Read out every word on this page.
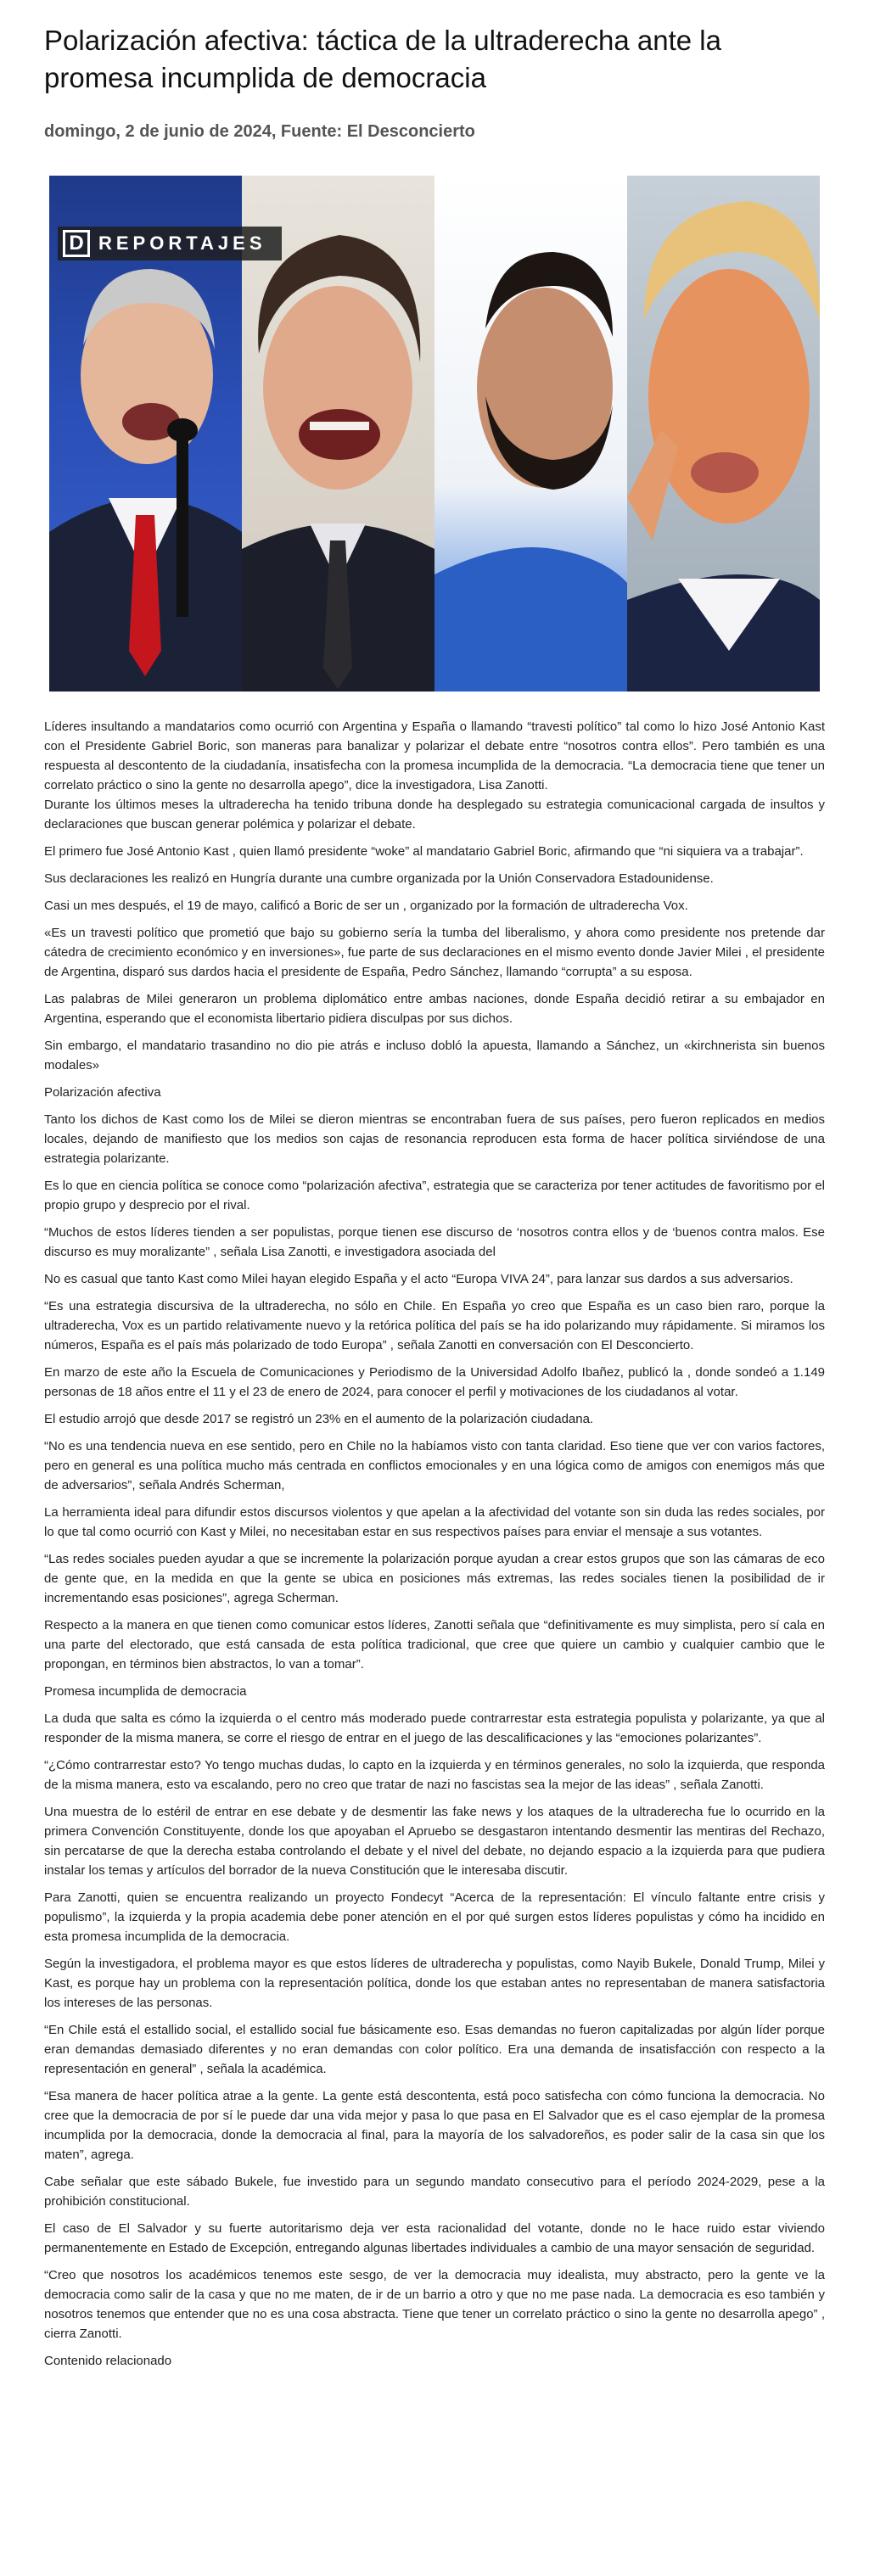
Polarización afectiva: táctica de la ultraderecha ante la promesa incumplida de democracia
domingo, 2 de junio de 2024, Fuente: El Desconcierto
D REPORTAJES

Líderes insultando a mandatarios como ocurrió con Argentina y España o llamando “travesti político” tal como lo hizo José Antonio Kast con el Presidente Gabriel Boric, son maneras para banalizar y polarizar el debate entre “nosotros contra ellos”. Pero también es una respuesta al descontento de la ciudadanía, insatisfecha con la promesa incumplida de la democracia. “La democracia tiene que tener un correlato práctico o sino la gente no desarrolla apego”, dice la investigadora, Lisa Zanotti.

Durante los últimos meses la ultraderecha ha tenido tribuna donde ha desplegado su estrategia comunicacional cargada de insultos y declaraciones que buscan generar polémica y polarizar el debate.

El primero fue José Antonio Kast , quien llamó presidente “woke” al mandatario Gabriel Boric, afirmando que “ni siquiera va a trabajar”.

Sus declaraciones les realizó en Hungría durante una cumbre organizada por la Unión Conservadora Estadounidense.

Casi un mes después, el 19 de mayo, calificó a Boric de ser un , organizado por la formación de ultraderecha Vox.

«Es un travesti político que prometió que bajo su gobierno sería la tumba del liberalismo, y ahora como presidente nos pretende dar cátedra de crecimiento económico y en inversiones», fue parte de sus declaraciones en el mismo evento donde Javier Milei , el presidente de Argentina, disparó sus dardos hacia el presidente de España, Pedro Sánchez, llamando “corrupta” a su esposa.

Las palabras de Milei generaron un problema diplomático entre ambas naciones, donde España decidió retirar a su embajador en Argentina, esperando que el economista libertario pidiera disculpas por sus dichos.

Sin embargo, el mandatario trasandino no dio pie atrás e incluso dobló la apuesta, llamando a Sánchez, un «kirchnerista sin buenos modales»

Polarización afectiva

Tanto los dichos de Kast como los de Milei se dieron mientras se encontraban fuera de sus países, pero fueron replicados en medios locales, dejando de manifiesto que los medios son cajas de resonancia reproducen esta forma de hacer política sirviéndose de una estrategia polarizante.

Es lo que en ciencia política se conoce como “polarización afectiva”, estrategia que se caracteriza por tener actitudes de favoritismo por el propio grupo y desprecio por el rival.

“Muchos de estos líderes tienden a ser populistas, porque tienen ese discurso de ‘nosotros contra ellos y de ‘buenos contra malos. Ese discurso es muy moralizante” , señala Lisa Zanotti, e investigadora asociada del

No es casual que tanto Kast como Milei hayan elegido España y el acto “Europa VIVA 24”, para lanzar sus dardos a sus adversarios.

“Es una estrategia discursiva de la ultraderecha, no sólo en Chile. En España yo creo que España es un caso bien raro, porque la ultraderecha, Vox es un partido relativamente nuevo y la retórica política del país se ha ido polarizando muy rápidamente. Si miramos los números, España es el país más polarizado de todo Europa” , señala Zanotti en conversación con El Desconcierto.

En marzo de este año la Escuela de Comunicaciones y Periodismo de la Universidad Adolfo Ibañez, publicó la , donde sondeó a 1.149 personas de 18 años entre el 11 y el 23 de enero de 2024, para conocer el perfil y motivaciones de los ciudadanos al votar.

El estudio arrojó que desde 2017 se registró un 23% en el aumento de la polarización ciudadana.

“No es una tendencia nueva en ese sentido, pero en Chile no la habíamos visto con tanta claridad. Eso tiene que ver con varios factores, pero en general es una política mucho más centrada en conflictos emocionales y en una lógica como de amigos con enemigos más que de adversarios”, señala Andrés Scherman,

La herramienta ideal para difundir estos discursos violentos y que apelan a la afectividad del votante son sin duda las redes sociales, por lo que tal como ocurrió con Kast y Milei, no necesitaban estar en sus respectivos países para enviar el mensaje a sus votantes.

“Las redes sociales pueden ayudar a que se incremente la polarización porque ayudan a crear estos grupos que son las cámaras de eco de gente que, en la medida en que la gente se ubica en posiciones más extremas, las redes sociales tienen la posibilidad de ir incrementando esas posiciones”, agrega Scherman.

Respecto a la manera en que tienen como comunicar estos líderes, Zanotti señala que “definitivamente es muy simplista, pero sí cala en una parte del electorado, que está cansada de esta política tradicional, que cree que quiere un cambio y cualquier cambio que le propongan, en términos bien abstractos, lo van a tomar”.

Promesa incumplida de democracia

La duda que salta es cómo la izquierda o el centro más moderado puede contrarrestar esta estrategia populista y polarizante, ya que al responder de la misma manera, se corre el riesgo de entrar en el juego de las descalificaciones y las “emociones polarizantes”.

“¿Cómo contrarrestar esto? Yo tengo muchas dudas, lo capto en la izquierda y en términos generales, no solo la izquierda, que responda de la misma manera, esto va escalando, pero no creo que tratar de nazi no fascistas sea la mejor de las ideas” , señala Zanotti.

Una muestra de lo estéril de entrar en ese debate y de desmentir las fake news y los ataques de la ultraderecha fue lo ocurrido en la primera Convención Constituyente, donde los que apoyaban el Apruebo se desgastaron intentando desmentir las mentiras del Rechazo, sin percatarse de que la derecha estaba controlando el debate y el nivel del debate, no dejando espacio a la izquierda para que pudiera instalar los temas y artículos del borrador de la nueva Constitución que le interesaba discutir.

Para Zanotti, quien se encuentra realizando un proyecto Fondecyt “Acerca de la representación: El vínculo faltante entre crisis y populismo”, la izquierda y la propia academia debe poner atención en el por qué surgen estos líderes populistas y cómo ha incidido en esta promesa incumplida de la democracia.

Según la investigadora, el problema mayor es que estos líderes de ultraderecha y populistas, como Nayib Bukele, Donald Trump, Milei y Kast, es porque hay un problema con la representación política, donde los que estaban antes no representaban de manera satisfactoria los intereses de las personas.

“En Chile está el estallido social, el estallido social fue básicamente eso. Esas demandas no fueron capitalizadas por algún líder porque eran demandas demasiado diferentes y no eran demandas con color político. Era una demanda de insatisfacción con respecto a la representación en general” , señala la académica.

“Esa manera de hacer política atrae a la gente. La gente está descontenta, está poco satisfecha con cómo funciona la democracia. No cree que la democracia de por sí le puede dar una vida mejor y pasa lo que pasa en El Salvador que es el caso ejemplar de la promesa incumplida por la democracia, donde la democracia al final, para la mayoría de los salvadoreños, es poder salir de la casa sin que los maten”, agrega.

Cabe señalar que este sábado Bukele, fue investido para un segundo mandato consecutivo para el período 2024-2029, pese a la prohibición constitucional.

El caso de El Salvador y su fuerte autoritarismo deja ver esta racionalidad del votante, donde no le hace ruido estar viviendo permanentemente en Estado de Excepción, entregando algunas libertades individuales a cambio de una mayor sensación de seguridad.

“Creo que nosotros los académicos tenemos este sesgo, de ver la democracia muy idealista, muy abstracto, pero la gente ve la democracia como salir de la casa y que no me maten, de ir de un barrio a otro y que no me pase nada. La democracia es eso también y nosotros tenemos que entender que no es una cosa abstracta. Tiene que tener un correlato práctico o sino la gente no desarrolla apego” , cierra Zanotti.

Contenido relacionado
